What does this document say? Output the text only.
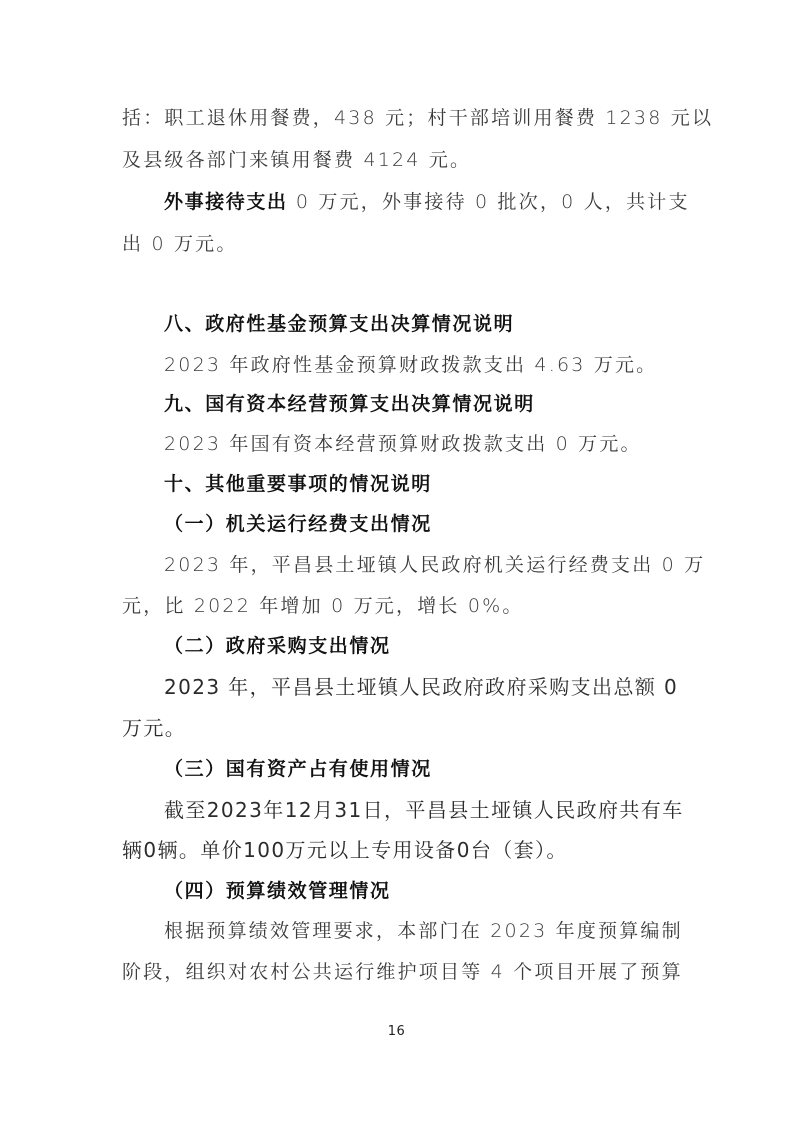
括：职工退休用餐费，438 元；村干部培训用餐费 1238 元以

及县级各部门来镇用餐费 4124 元。

外事接待支出 0 万元，外事接待 0 批次，0 人，共计支

出 0 万元。

八、政府性基金预算支出决算情况说明

2023 年政府性基金预算财政拨款支出 4.63 万元。

九、国有资本经营预算支出决算情况说明

2023 年国有资本经营预算财政拨款支出 0 万元。

十、其他重要事项的情况说明

（一）机关运行经费支出情况

2023 年，平昌县土垭镇人民政府机关运行经费支出 0 万

元，比 2022 年增加 0 万元，增长 0%。

（二）政府采购支出情况

2023 年，平昌县土垭镇人民政府政府采购支出总额 0

万元。

（三）国有资产占有使用情况

截至2023年12月31日，平昌县土垭镇人民政府共有车

辆0辆。单价100万元以上专用设备0台（套）。

（四）预算绩效管理情况

根据预算绩效管理要求，本部门在 2023 年度预算编制

阶段，组织对农村公共运行维护项目等 4 个项目开展了预算

16
